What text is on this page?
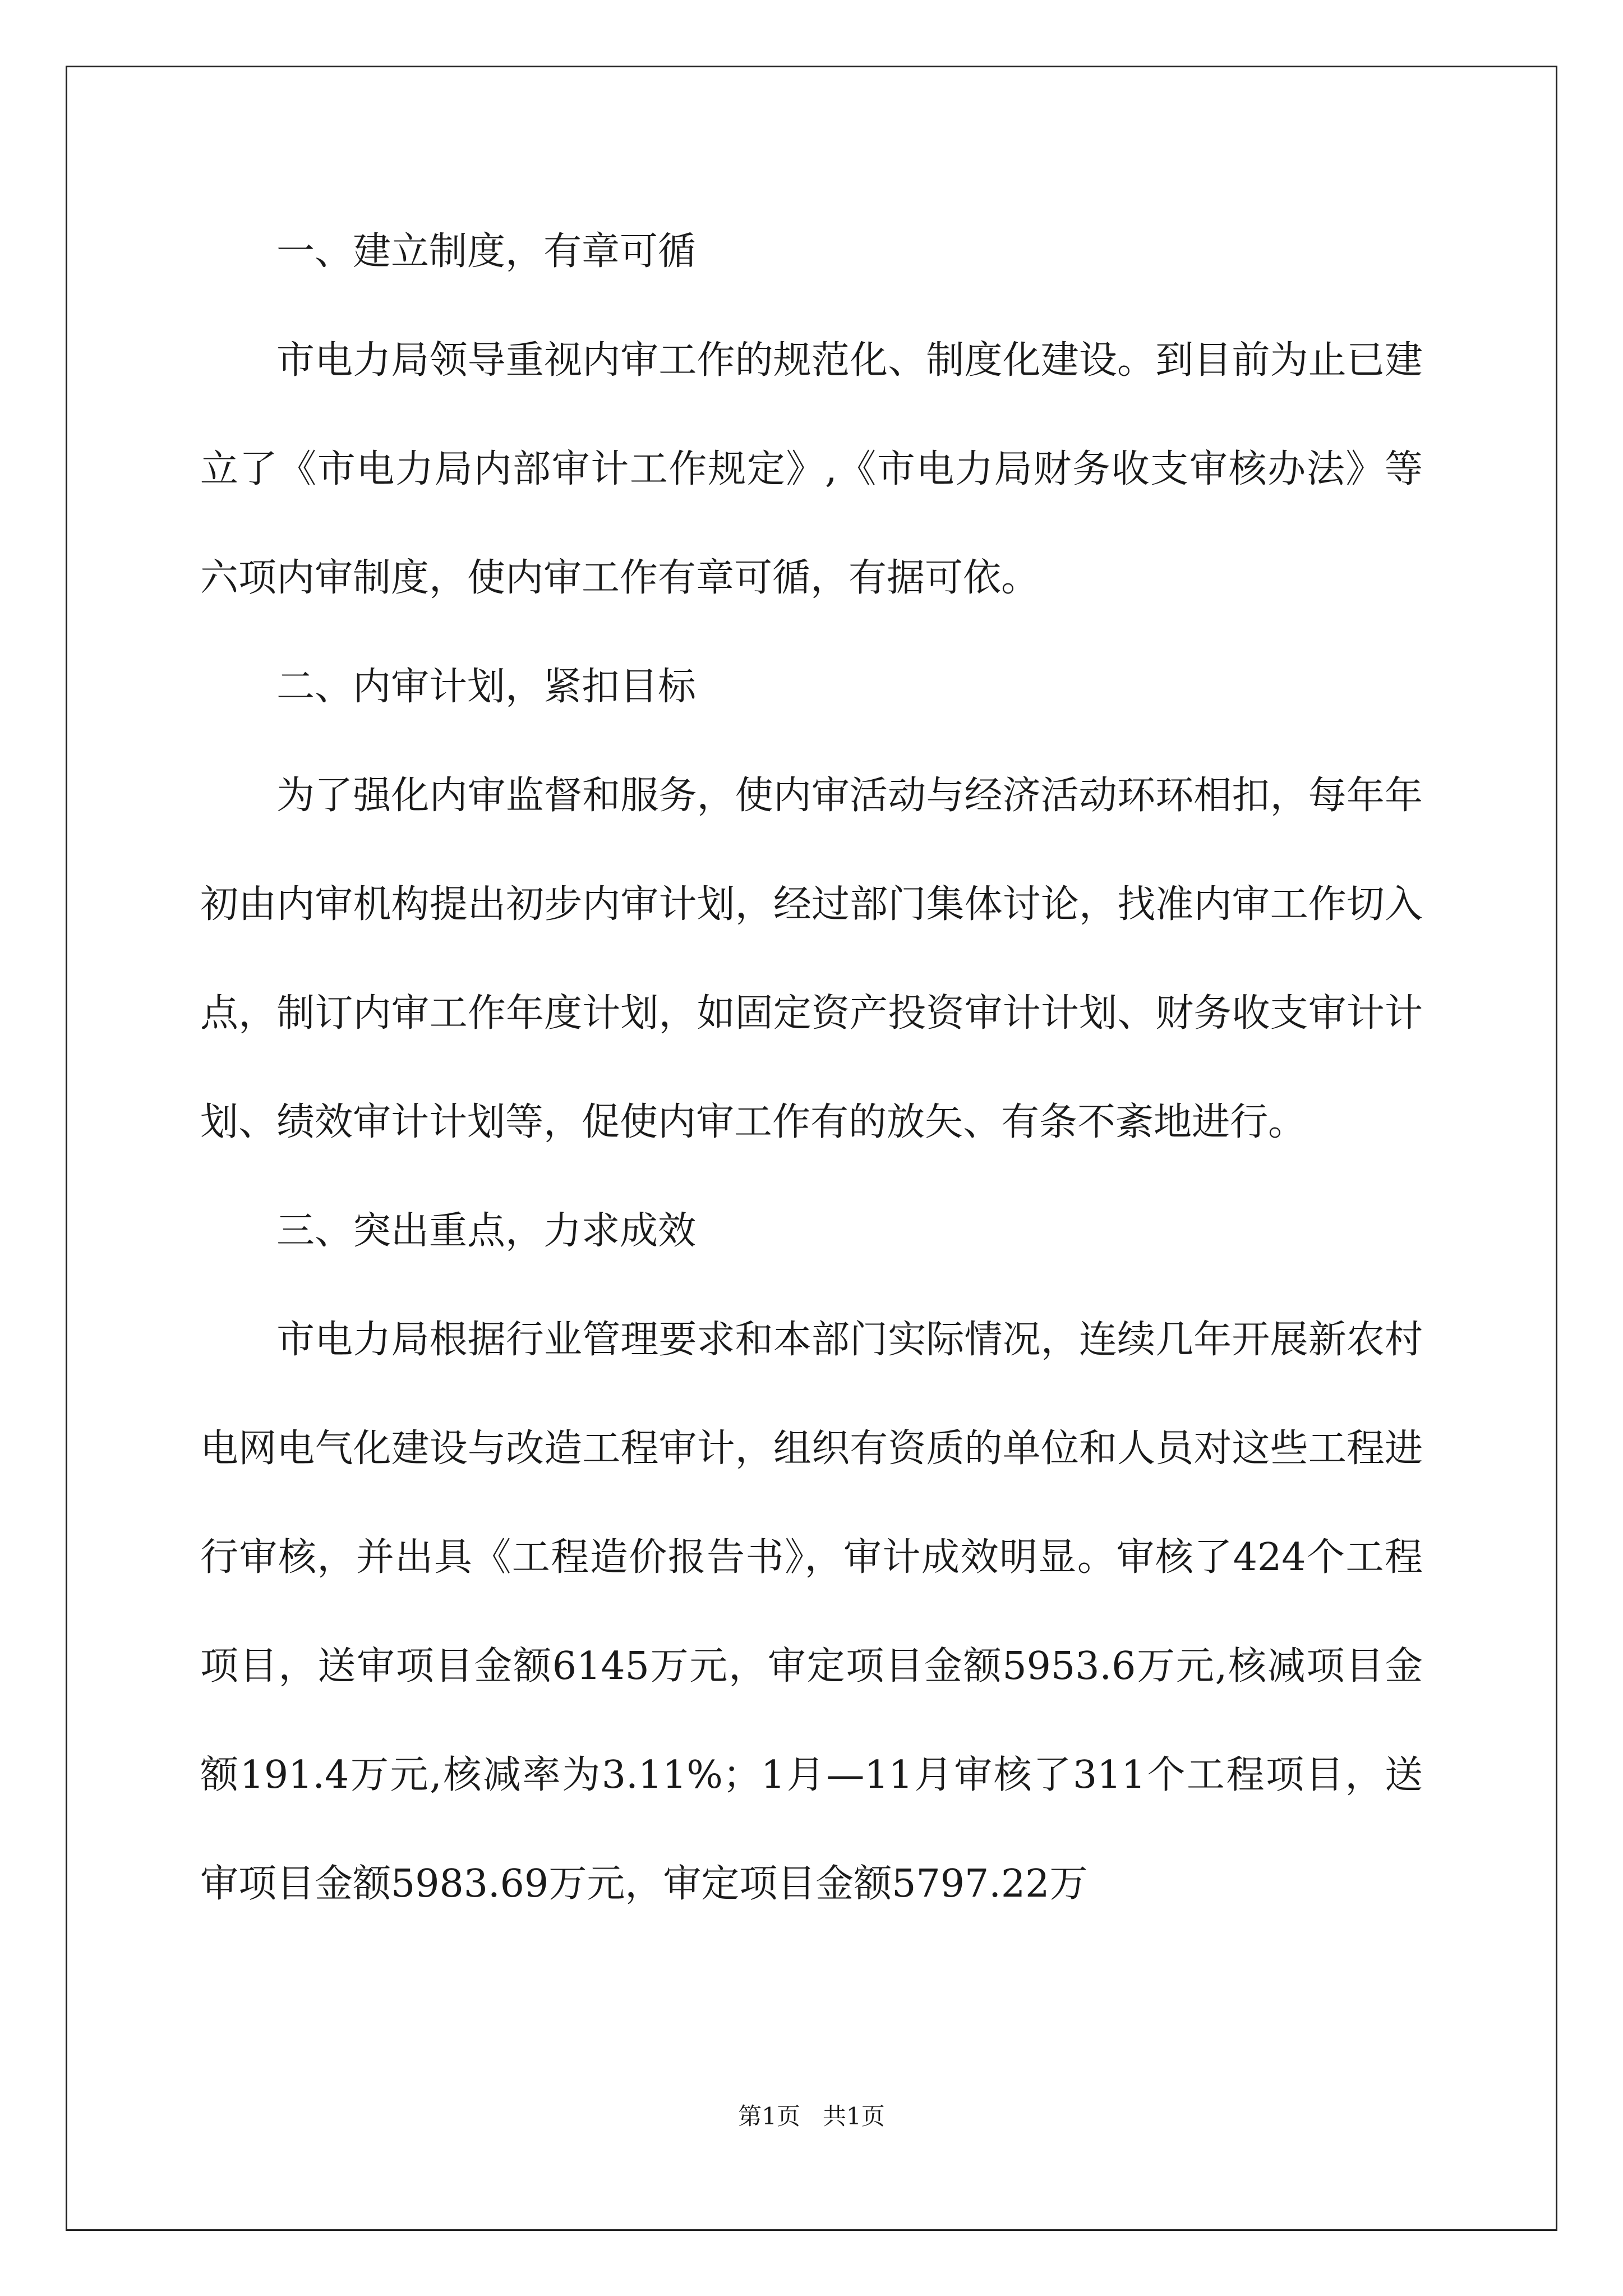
一、建立制度，有章可循

市电力局领导重视内审工作的规范化、制度化建设。到目前为止已建立了《市电力局内部审计工作规定》,《市电力局财务收支审核办法》等六项内审制度，使内审工作有章可循，有据可依。

二、内审计划，紧扣目标

为了强化内审监督和服务，使内审活动与经济活动环环相扣，每年年初由内审机构提出初步内审计划，经过部门集体讨论，找准内审工作切入点，制订内审工作年度计划，如固定资产投资审计计划、财务收支审计计划、绩效审计计划等，促使内审工作有的放矢、有条不紊地进行。

三、突出重点，力求成效

市电力局根据行业管理要求和本部门实际情况，连续几年开展新农村电网电气化建设与改造工程审计，组织有资质的单位和人员对这些工程进行审核，并出具《工程造价报告书》，审计成效明显。审核了424个工程项目，送审项目金额6145万元，审定项目金额5953.6万元,核减项目金额191.4万元,核减率为3.11%；1月—11月审核了311个工程项目，送审项目金额5983.69万元，审定项目金额5797.22万

第1页 共1页
